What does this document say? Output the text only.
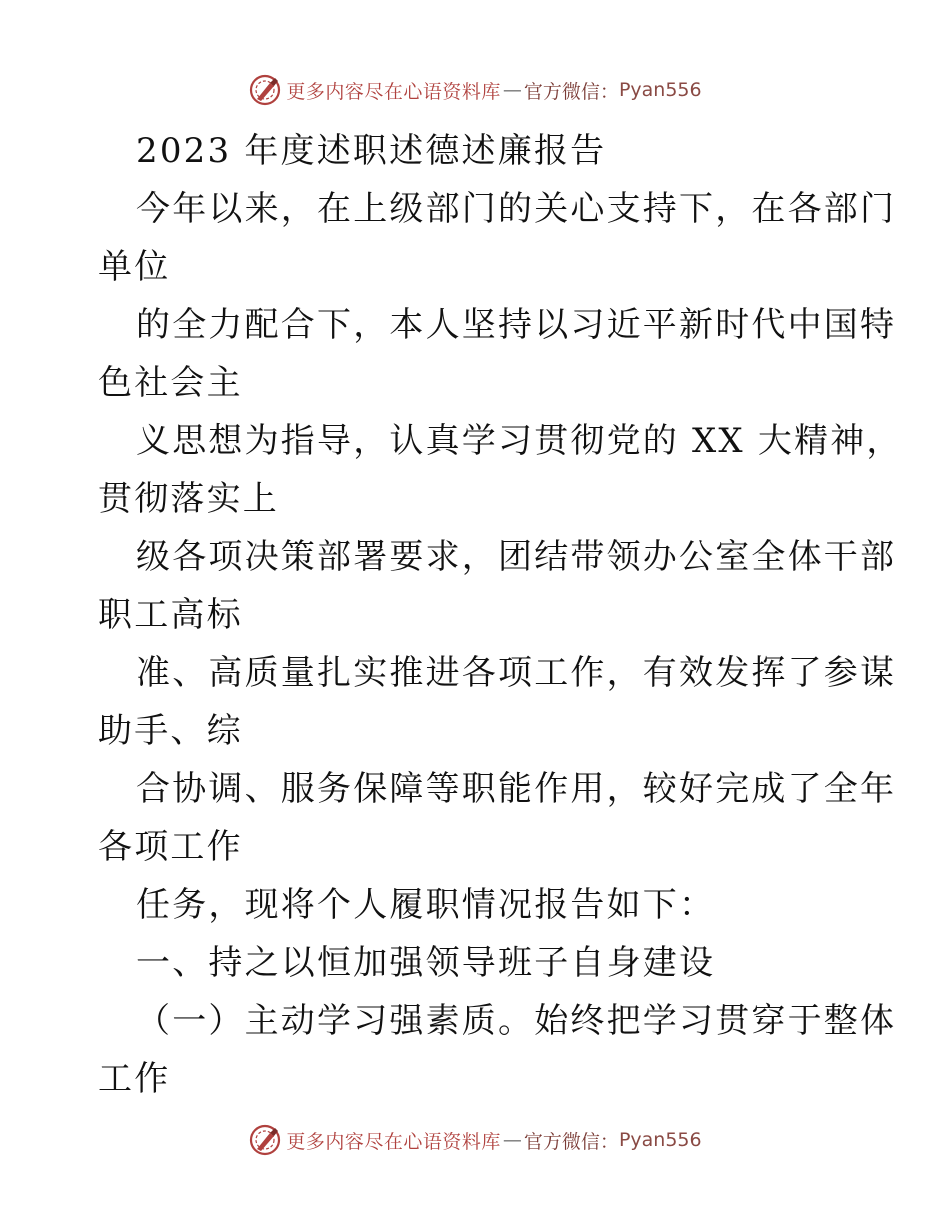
更多内容尽在心语资料库 — 官方微信： Pyan556
2023 年度述职述德述廉报告
今年以来，在上级部门的关心支持下，在各部门
单位
的全力配合下，本人坚持以习近平新时代中国特
色社会主
义思想为指导，认真学习贯彻党的 XX 大精神，
贯彻落实上
级各项决策部署要求，团结带领办公室全体干部
职工高标
准、高质量扎实推进各项工作，有效发挥了参谋
助手、综
合协调、服务保障等职能作用，较好完成了全年
各项工作
任务，现将个人履职情况报告如下：
一、持之以恒加强领导班子自身建设
（一）主动学习强素质。始终把学习贯穿于整体
工作
更多内容尽在心语资料库 — 官方微信： Pyan556
